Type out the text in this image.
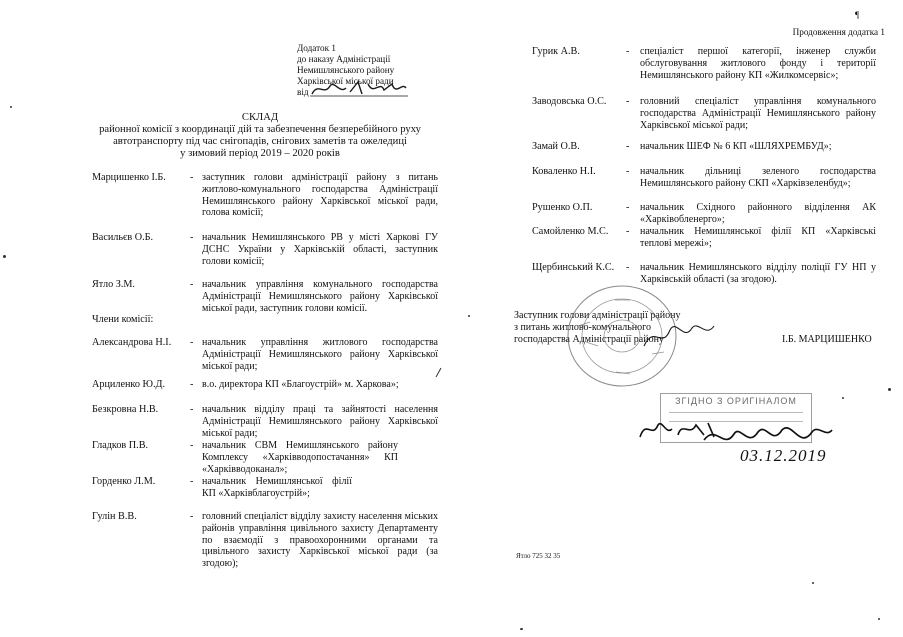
Продовження додатка 1
¶
Додаток 1
до наказу Адміністрації
Немишлянського району
Харківської міської ради
від
СКЛАД
районної комісії з координації дій та забезпечення безперебійного руху
автотранспорту під час снігопадів, снігових заметів та ожеледиці
у зимовий період 2019 – 2020 років
Марцишенко І.Б. - заступник голови адміністрації району з питань житлово-комунального господарства Адміністрації Немишлянського району Харківської міської ради, голова комісії;
Васильєв О.Б.	- начальник Немишлянського РВ у місті Харкові ГУ ДСНС України у Харківській області, заступник голови комісії;
Ятло З.М.	- начальник управління комунального господарства Адміністрації Немишлянського району Харківської міської ради, заступник голови комісії.
Члени комісії:
Александрова Н.І. - начальник управління житлового господарства Адміністрації Немишлянського району Харківської міської ради;
Арциленко Ю.Д. - в.о. директора КП «Благоустрій» м. Харкова»;
Безкровна Н.В.	- начальник відділу праці та зайнятості населення Адміністрації Немишлянського району Харківської міської ради;
Гладков П.В.	- начальник СВМ Немишлянського району Комплексу «Харківводопостачання» КП «Харківводоканал»;
Горденко Л.М.	- начальник Немишлянської філії КП «Харківблагоустрій»;
Гулін В.В.	- головний спеціаліст відділу захисту населення міських районів управління цивільного захисту Департаменту по взаємодії з правоохоронними органами та цивільного захисту Харківської міської ради (за згодою);
Гурик А.В.	- спеціаліст першої категорії, інженер служби обслуговування житлового фонду і території Немишлянського району КП «Жилкомсервіс»;
Заводовська О.С. - головний спеціаліст управління комунального господарства Адміністрації Немишлянського району Харківської міської ради;
Замай О.В.	- начальник ШЕФ № 6 КП «ШЛЯХРЕМБУД»;
Коваленко Н.І.	- начальник дільниці зеленого господарства Немишлянського району СКП «Харківзеленбуд»;
Рушенко О.П.	- начальник Східного районного відділення АК «Харківобленерго»;
Самойленко М.С. - начальник Немишлянської філії КП «Харківські теплові мережі»;
Щербинський К.С. - начальник Немишлянського відділу поліції ГУ НП у Харківській області (за згодою).
Заступник голови адміністрації району
з питань житлово-комунального
господарства Адміністрації району	І.Б. МАРЦИШЕНКО
ЗГІДНО З ОРИГІНАЛОМ
03.12.2019
Ятло 725 32 35
